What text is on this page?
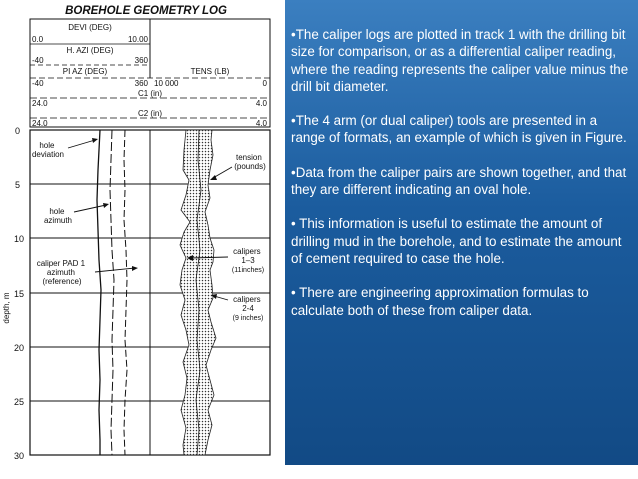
BOREHOLE GEOMETRY LOG
DEVI (DEG)
0.0	10.00
H. AZI (DEG)
-40	360
PI AZ (DEG)	TENS (LB)
-40	360 10 000	0
C1 (in)
24.0	4.0
C2 (in)
24.0	4.0
0
5
10
15
20
25
30
depth, m
hole deviation
hole azimuth
caliper PAD 1 azimuth (reference)
tension (pounds)
calipers 1–3
(11inches)
calipers 2-4
(9 inches)

•The caliper logs are plotted in track 1 with the drilling bit size for comparison, or as a differential caliper reading, where the reading represents the caliper value minus the drill bit diameter.

•The 4 arm (or dual caliper) tools are presented in a range of formats, an example of which is given in Figure.

•Data from the caliper pairs are shown together, and that they are different indicating an oval hole.

• This information is useful to estimate the amount of drilling mud in the borehole, and to estimate the amount of cement required to case the hole.

• There are engineering approximation formulas to calculate both of these from caliper data.
